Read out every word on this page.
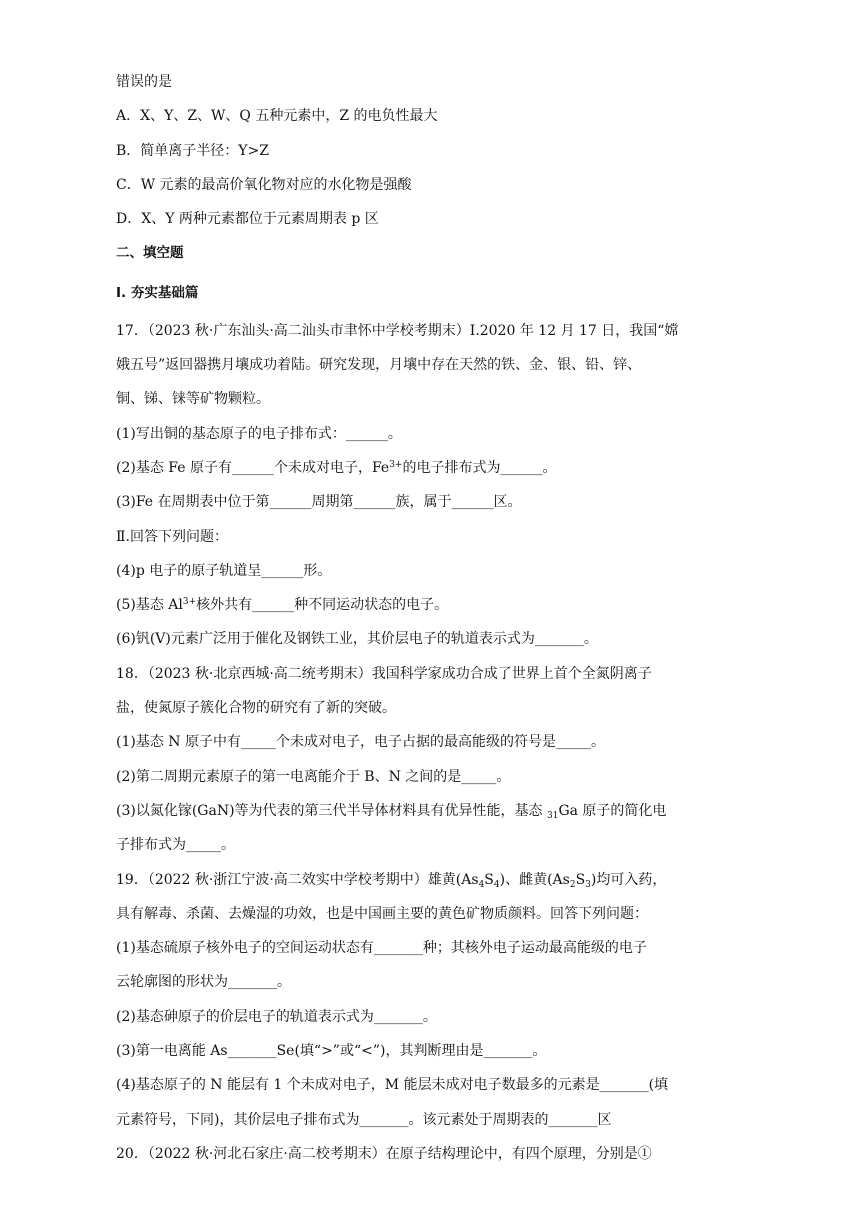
错误的是
A．X、Y、Z、W、Q 五种元素中，Z 的电负性最大
B．简单离子半径：Y>Z
C．W 元素的最高价氧化物对应的水化物是强酸
D．X、Y 两种元素都位于元素周期表 p 区
二、填空题
Ⅰ. 夯实基础篇
17．（2023 秋·广东汕头·高二汕头市聿怀中学校考期末）I.2020 年 12 月 17 日，我国“嫦
娥五号”返回器携月壤成功着陆。研究发现，月壤中存在天然的铁、金、银、铅、锌、
铜、锑、铼等矿物颗粒。
(1)写出铜的基态原子的电子排布式：______。
(2)基态 Fe 原子有______个未成对电子，$Fe^{3+}$的电子排布式为______。
(3)Fe 在周期表中位于第______周期第______族，属于______区。
Ⅱ.回答下列问题：
(4)p 电子的原子轨道呈______形。
(5)基态 $Al^{3+}$核外共有______种不同运动状态的电子。
(6)钒(V)元素广泛用于催化及钢铁工业，其价层电子的轨道表示式为_______。
18．（2023 秋·北京西城·高二统考期末）我国科学家成功合成了世界上首个全氮阴离子
盐，使氮原子簇化合物的研究有了新的突破。
(1)基态 N 原子中有_____个未成对电子，电子占据的最高能级的符号是_____。
(2)第二周期元素原子的第一电离能介于 B、N 之间的是_____。
(3)以氮化镓(GaN)等为代表的第三代半导体材料具有优异性能，基态 $_{31}$Ga 原子的简化电
子排布式为_____。
19．（2022 秋·浙江宁波·高二效实中学校考期中）雄黄$(As_4S_4)$、雌黄$(As_2S_3)$均可入药，
具有解毒、杀菌、去燥湿的功效，也是中国画主要的黄色矿物质颜料。回答下列问题：
(1)基态硫原子核外电子的空间运动状态有_______种；其核外电子运动最高能级的电子
云轮廓图的形状为_______。
(2)基态砷原子的价层电子的轨道表示式为_______。
(3)第一电离能 As_______Se(填“>”或“<”)，其判断理由是_______。
(4)基态原子的 N 能层有 1 个未成对电子，M 能层未成对电子数最多的元素是_______(填
元素符号，下同)，其价层电子排布式为_______。该元素处于周期表的_______区
20．（2022 秋·河北石家庄·高二校考期末）在原子结构理论中，有四个原理，分别是①
